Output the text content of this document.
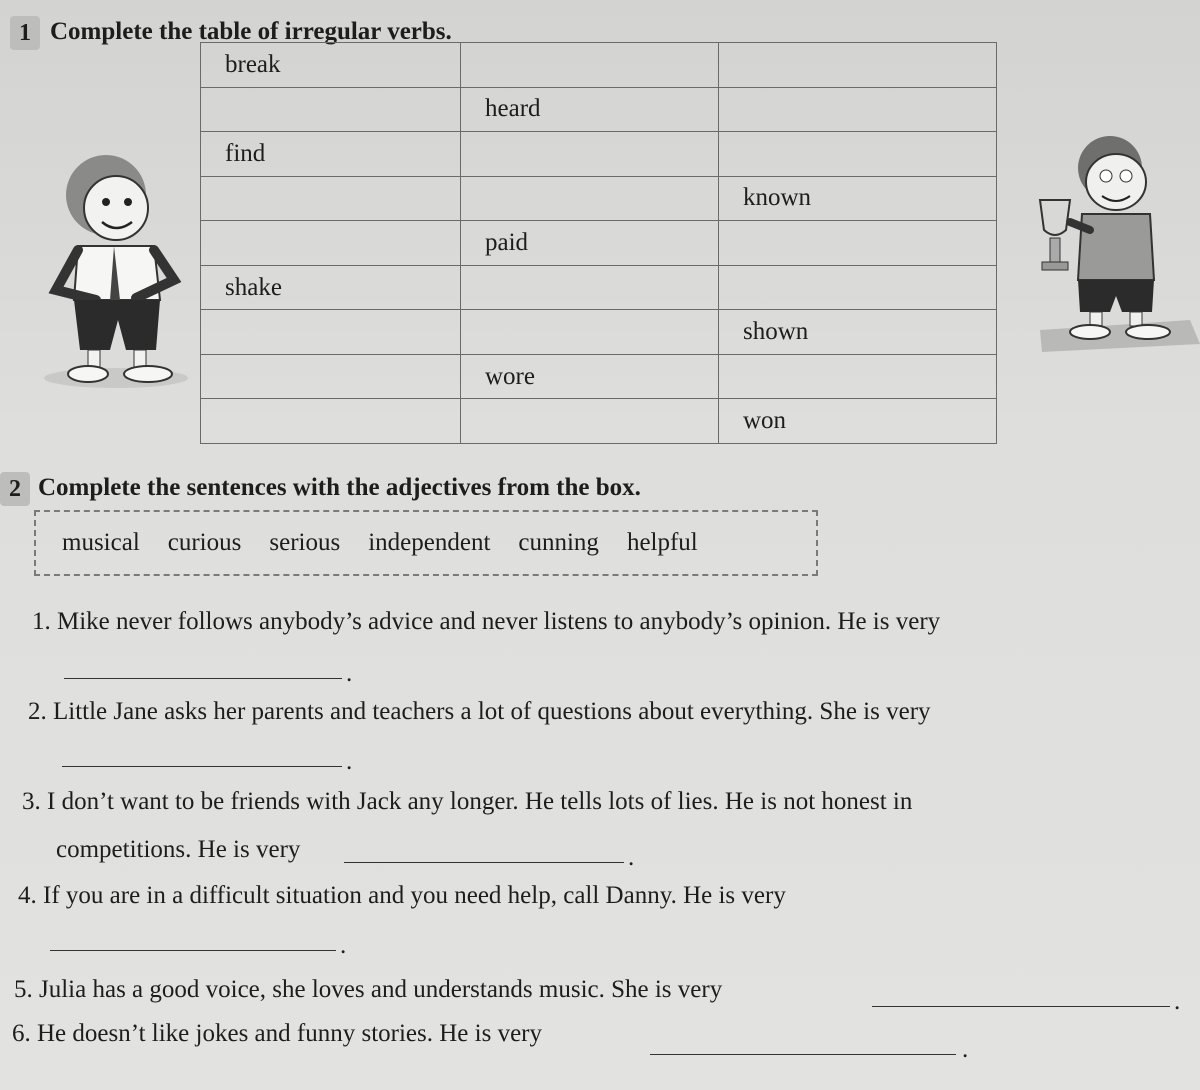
1 Complete the table of irregular verbs.
break		
	heard	
find		
		known
	paid	
shake		
		shown
	wore	
		won
2 Complete the sentences with the adjectives from the box.
musical curious serious independent cunning helpful
1. Mike never follows anybody’s advice and never listens to anybody’s opinion. He is very
.
2. Little Jane asks her parents and teachers a lot of questions about everything. She is very
.
3. I don’t want to be friends with Jack any longer. He tells lots of lies. He is not honest in
competitions. He is very	.
4. If you are in a difficult situation and you need help, call Danny. He is very
.
5. Julia has a good voice, she loves and understands music. She is very	.
6. He doesn’t like jokes and funny stories. He is very
.
